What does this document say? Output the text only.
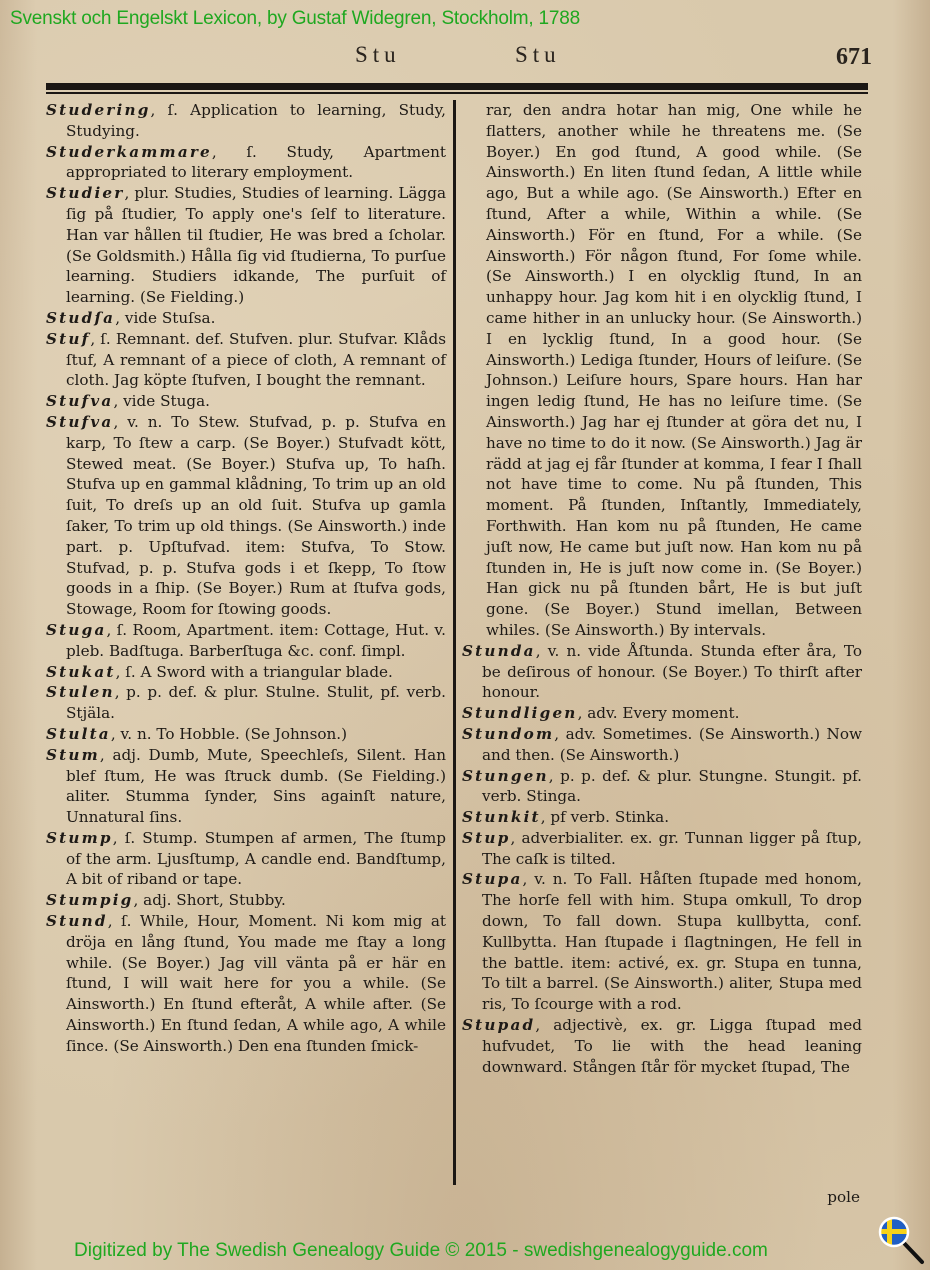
Svenskt och Engelskt Lexicon, by Gustaf Widegren, Stockholm, 1788
Stu	Stu	671

Studering, ſ. Application to learning, Study, Studying.

Studerkammare, ſ. Study, Apartment appropriated to literary employment.

Studier, plur. Studies, Studies of learning. Lägga ſig på ſtudier, To apply one's ſelf to literature. Han var hållen til ſtudier, He was bred a ſcholar. (Se Goldsmith.) Hålla ſig vid ſtudierna, To purſue learning. Studiers idkande, The purſuit of learning. (Se Fielding.)

Studſa, vide Stuſsa.

Stuf, ſ. Remnant. def. Stufven. plur. Stufvar. Klåds ſtuf, A remnant of a piece of cloth, A remnant of cloth. Jag köpte ſtufven, I bought the remnant.

Stufva, vide Stuga.

Stufva, v. n. To Stew. Stufvad, p. p. Stufva en karp, To ſtew a carp. (Se Boyer.) Stufvadt kött, Stewed meat. (Se Boyer.) Stufva up, To haſh. Stufva up en gammal klådning, To trim up an old ſuit, To dreſs up an old ſuit. Stufva up gamla ſaker, To trim up old things. (Se Ainsworth.) inde part. p. Upſtufvad. item: Stufva, To Stow. Stufvad, p. p. Stufva gods i et ſkepp, To ſtow goods in a ſhip. (Se Boyer.) Rum at ſtufva gods, Stowage, Room for ſtowing goods.

Stuga, ſ. Room, Apartment. item: Cottage, Hut. v. pleb. Badſtuga. Barberſtuga &c. conf. ſimpl.

Stukat, ſ. A Sword with a triangular blade.

Stulen, p. p. def. & plur. Stulne. Stulit, pf. verb. Stjäla.

Stulta, v. n. To Hobble. (Se Johnson.)

Stum, adj. Dumb, Mute, Speechleſs, Silent. Han blef ſtum, He was ſtruck dumb. (Se Fielding.) aliter. Stumma ſynder, Sins againſt nature, Unnatural ſins.

Stump, ſ. Stump. Stumpen af armen, The ſtump of the arm. Ljusſtump, A candle end. Bandſtump, A bit of riband or tape.

Stumpig, adj. Short, Stubby.

Stund, ſ. While, Hour, Moment. Ni kom mig at dröja en lång ſtund, You made me ſtay a long while. (Se Boyer.) Jag vill vänta på er här en ſtund, I will wait here for you a while. (Se Ainsworth.) En ſtund efteråt, A while after. (Se Ainsworth.) En ſtund ſedan, A while ago, A while ſince. (Se Ainsworth.) Den ena ſtunden ſmick-

rar, den andra hotar han mig, One while he flatters, another while he threatens me. (Se Boyer.) En god ſtund, A good while. (Se Ainsworth.) En liten ſtund ſedan, A little while ago, But a while ago. (Se Ainsworth.) Efter en ſtund, After a while, Within a while. (Se Ainsworth.) För en ſtund, For a while. (Se Ainsworth.) För någon ſtund, For ſome while. (Se Ainsworth.) I en olycklig ſtund, In an unhappy hour. Jag kom hit i en olycklig ſtund, I came hither in an unlucky hour. (Se Ainsworth.) I en lycklig ſtund, In a good hour. (Se Ainsworth.) Lediga ſtunder, Hours of leiſure. (Se Johnson.) Leiſure hours, Spare hours. Han har ingen ledig ſtund, He has no leiſure time. (Se Ainsworth.) Jag har ej ſtunder at göra det nu, I have no time to do it now. (Se Ainsworth.) Jag är rädd at jag ej får ſtunder at komma, I fear I ſhall not have time to come. Nu på ſtunden, This moment. På ſtunden, Inſtantly, Immediately, Forthwith. Han kom nu på ſtunden, He came juſt now, He came but juſt now. Han kom nu på ſtunden in, He is juſt now come in. (Se Boyer.) Han gick nu på ſtunden bårt, He is but juſt gone. (Se Boyer.) Stund imellan, Between whiles. (Se Ainsworth.) By intervals.

Stunda, v. n. vide Åſtunda. Stunda efter åra, To be deſirous of honour. (Se Boyer.) To thirſt after honour.

Stundligen, adv. Every moment.

Stundom, adv. Sometimes. (Se Ainsworth.) Now and then. (Se Ainsworth.)

Stungen, p. p. def. & plur. Stungne. Stungit. pf. verb. Stinga.

Stunkit, pf verb. Stinka.

Stup, adverbialiter. ex. gr. Tunnan ligger på ſtup, The caſk is tilted.

Stupa, v. n. To Fall. Håſten ſtupade med honom, The horſe fell with him. Stupa omkull, To drop down, To fall down. Stupa kullbytta, conf. Kullbytta. Han ſtupade i ſlagtningen, He fell in the battle. item: activé, ex. gr. Stupa en tunna, To tilt a barrel. (Se Ainsworth.) aliter, Stupa med ris, To ſcourge with a rod.

Stupad, adjectivè, ex. gr. Ligga ſtupad med hufvudet, To lie with the head leaning downward. Stången ſtår för mycket ſtupad, The

pole
Digitized by The Swedish Genealogy Guide © 2015 - swedishgenealogyguide.com
